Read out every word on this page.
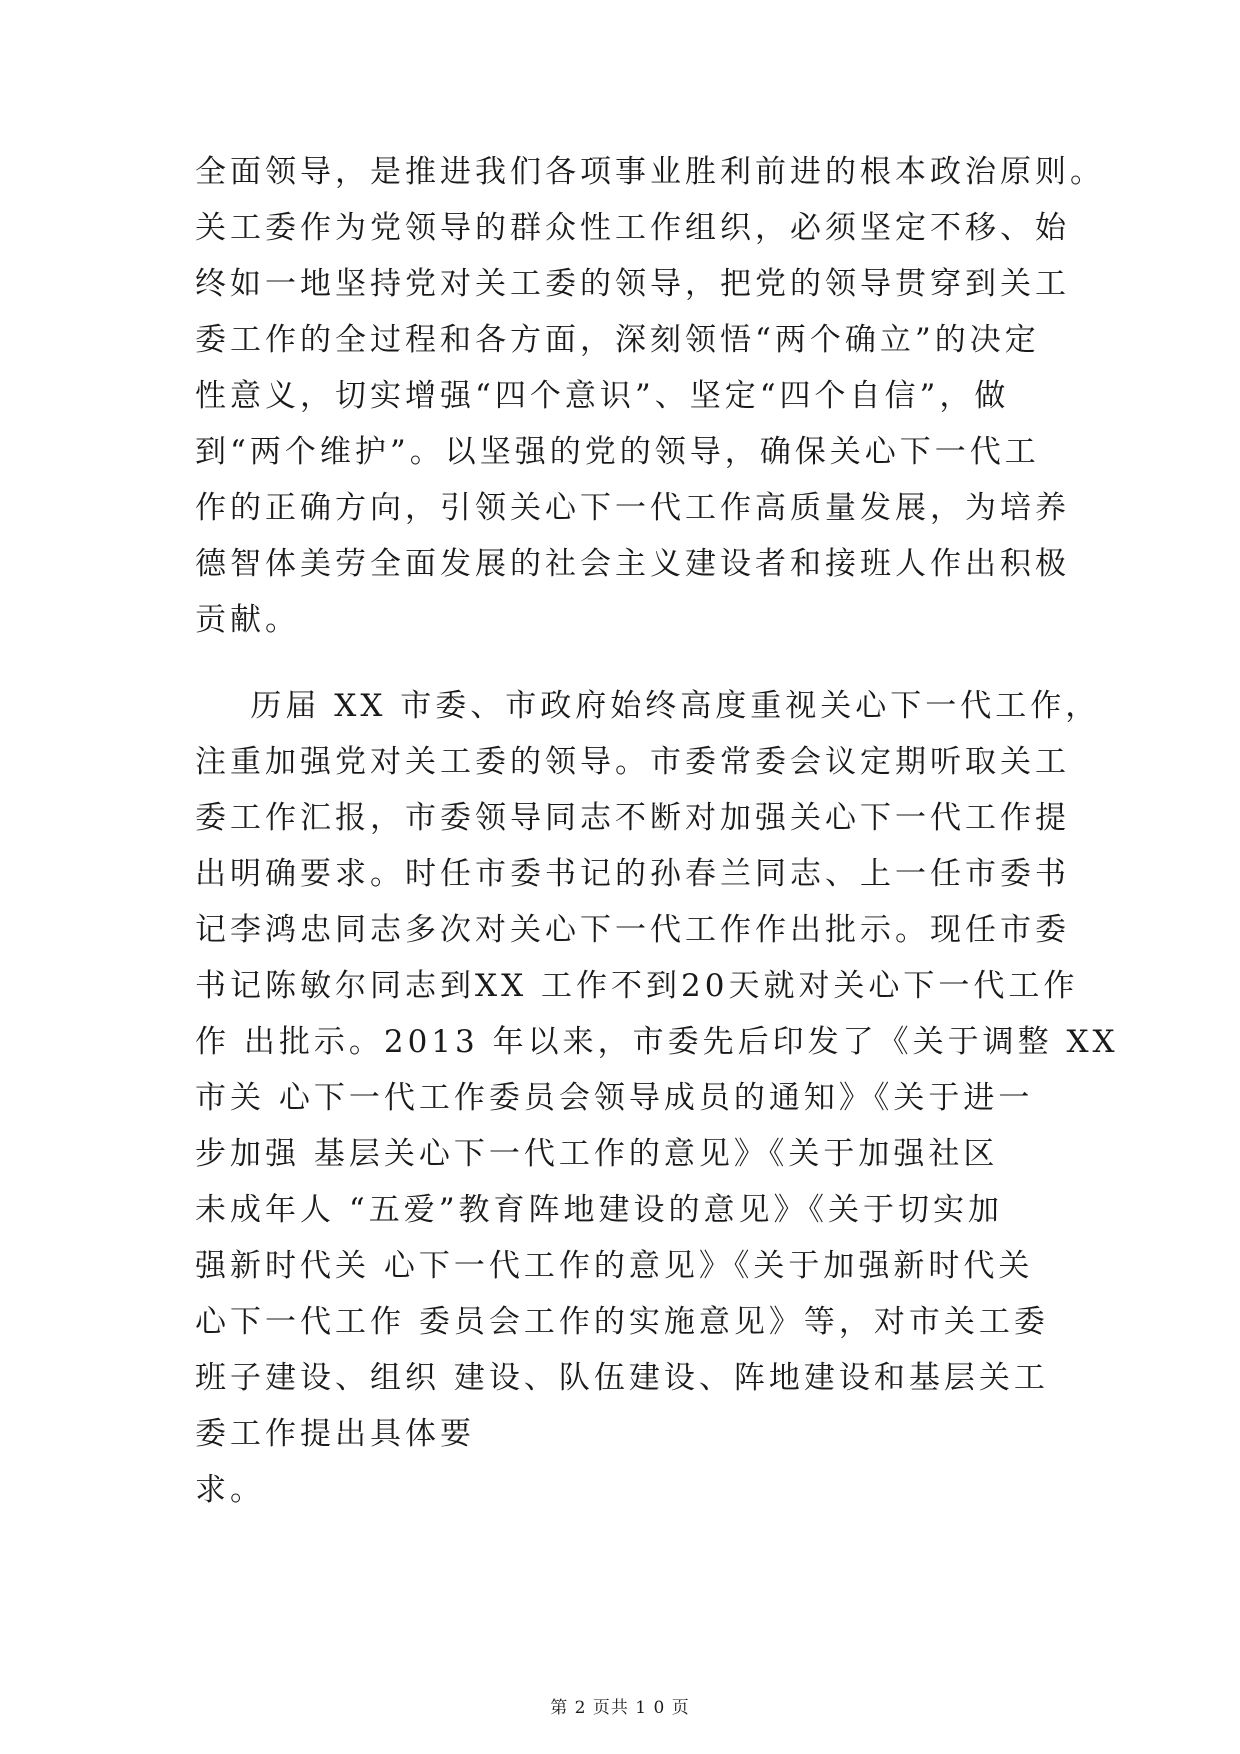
全面领导，是推进我们各项事业胜利前进的根本政治原则。

关工委作为党领导的群众性工作组织，必须坚定不移、始

终如一地坚持党对关工委的领导，把党的领导贯穿到关工

委工作的全过程和各方面，深刻领悟“两个确立”的决定

性意义，切实增强“四个意识”、坚定“四个自信”，做

到“两个维护”。以坚强的党的领导，确保关心下一代工

作的正确方向，引领关心下一代工作高质量发展，为培养

德智体美劳全面发展的社会主义建设者和接班人作出积极

贡献。

历届 XX 市委、市政府始终高度重视关心下一代工作，

注重加强党对关工委的领导。市委常委会议定期听取关工

委工作汇报，市委领导同志不断对加强关心下一代工作提

出明确要求。时任市委书记的孙春兰同志、上一任市委书

记李鸿忠同志多次对关心下一代工作作出批示。现任市委

书记陈敏尔同志到XX 工作不到20天就对关心下一代工作

作 出批示。2013 年以来，市委先后印发了《关于调整 XX

市关 心下一代工作委员会领导成员的通知》《关于进一

步加强 基层关心下一代工作的意见》《关于加强社区

未成年人 “五爱”教育阵地建设的意见》《关于切实加

强新时代关 心下一代工作的意见》《关于加强新时代关

心下一代工作 委员会工作的实施意见》等，对市关工委

班子建设、组织 建设、队伍建设、阵地建设和基层关工

委工作提出具体要

求。

第 2 页共 1 0 页
